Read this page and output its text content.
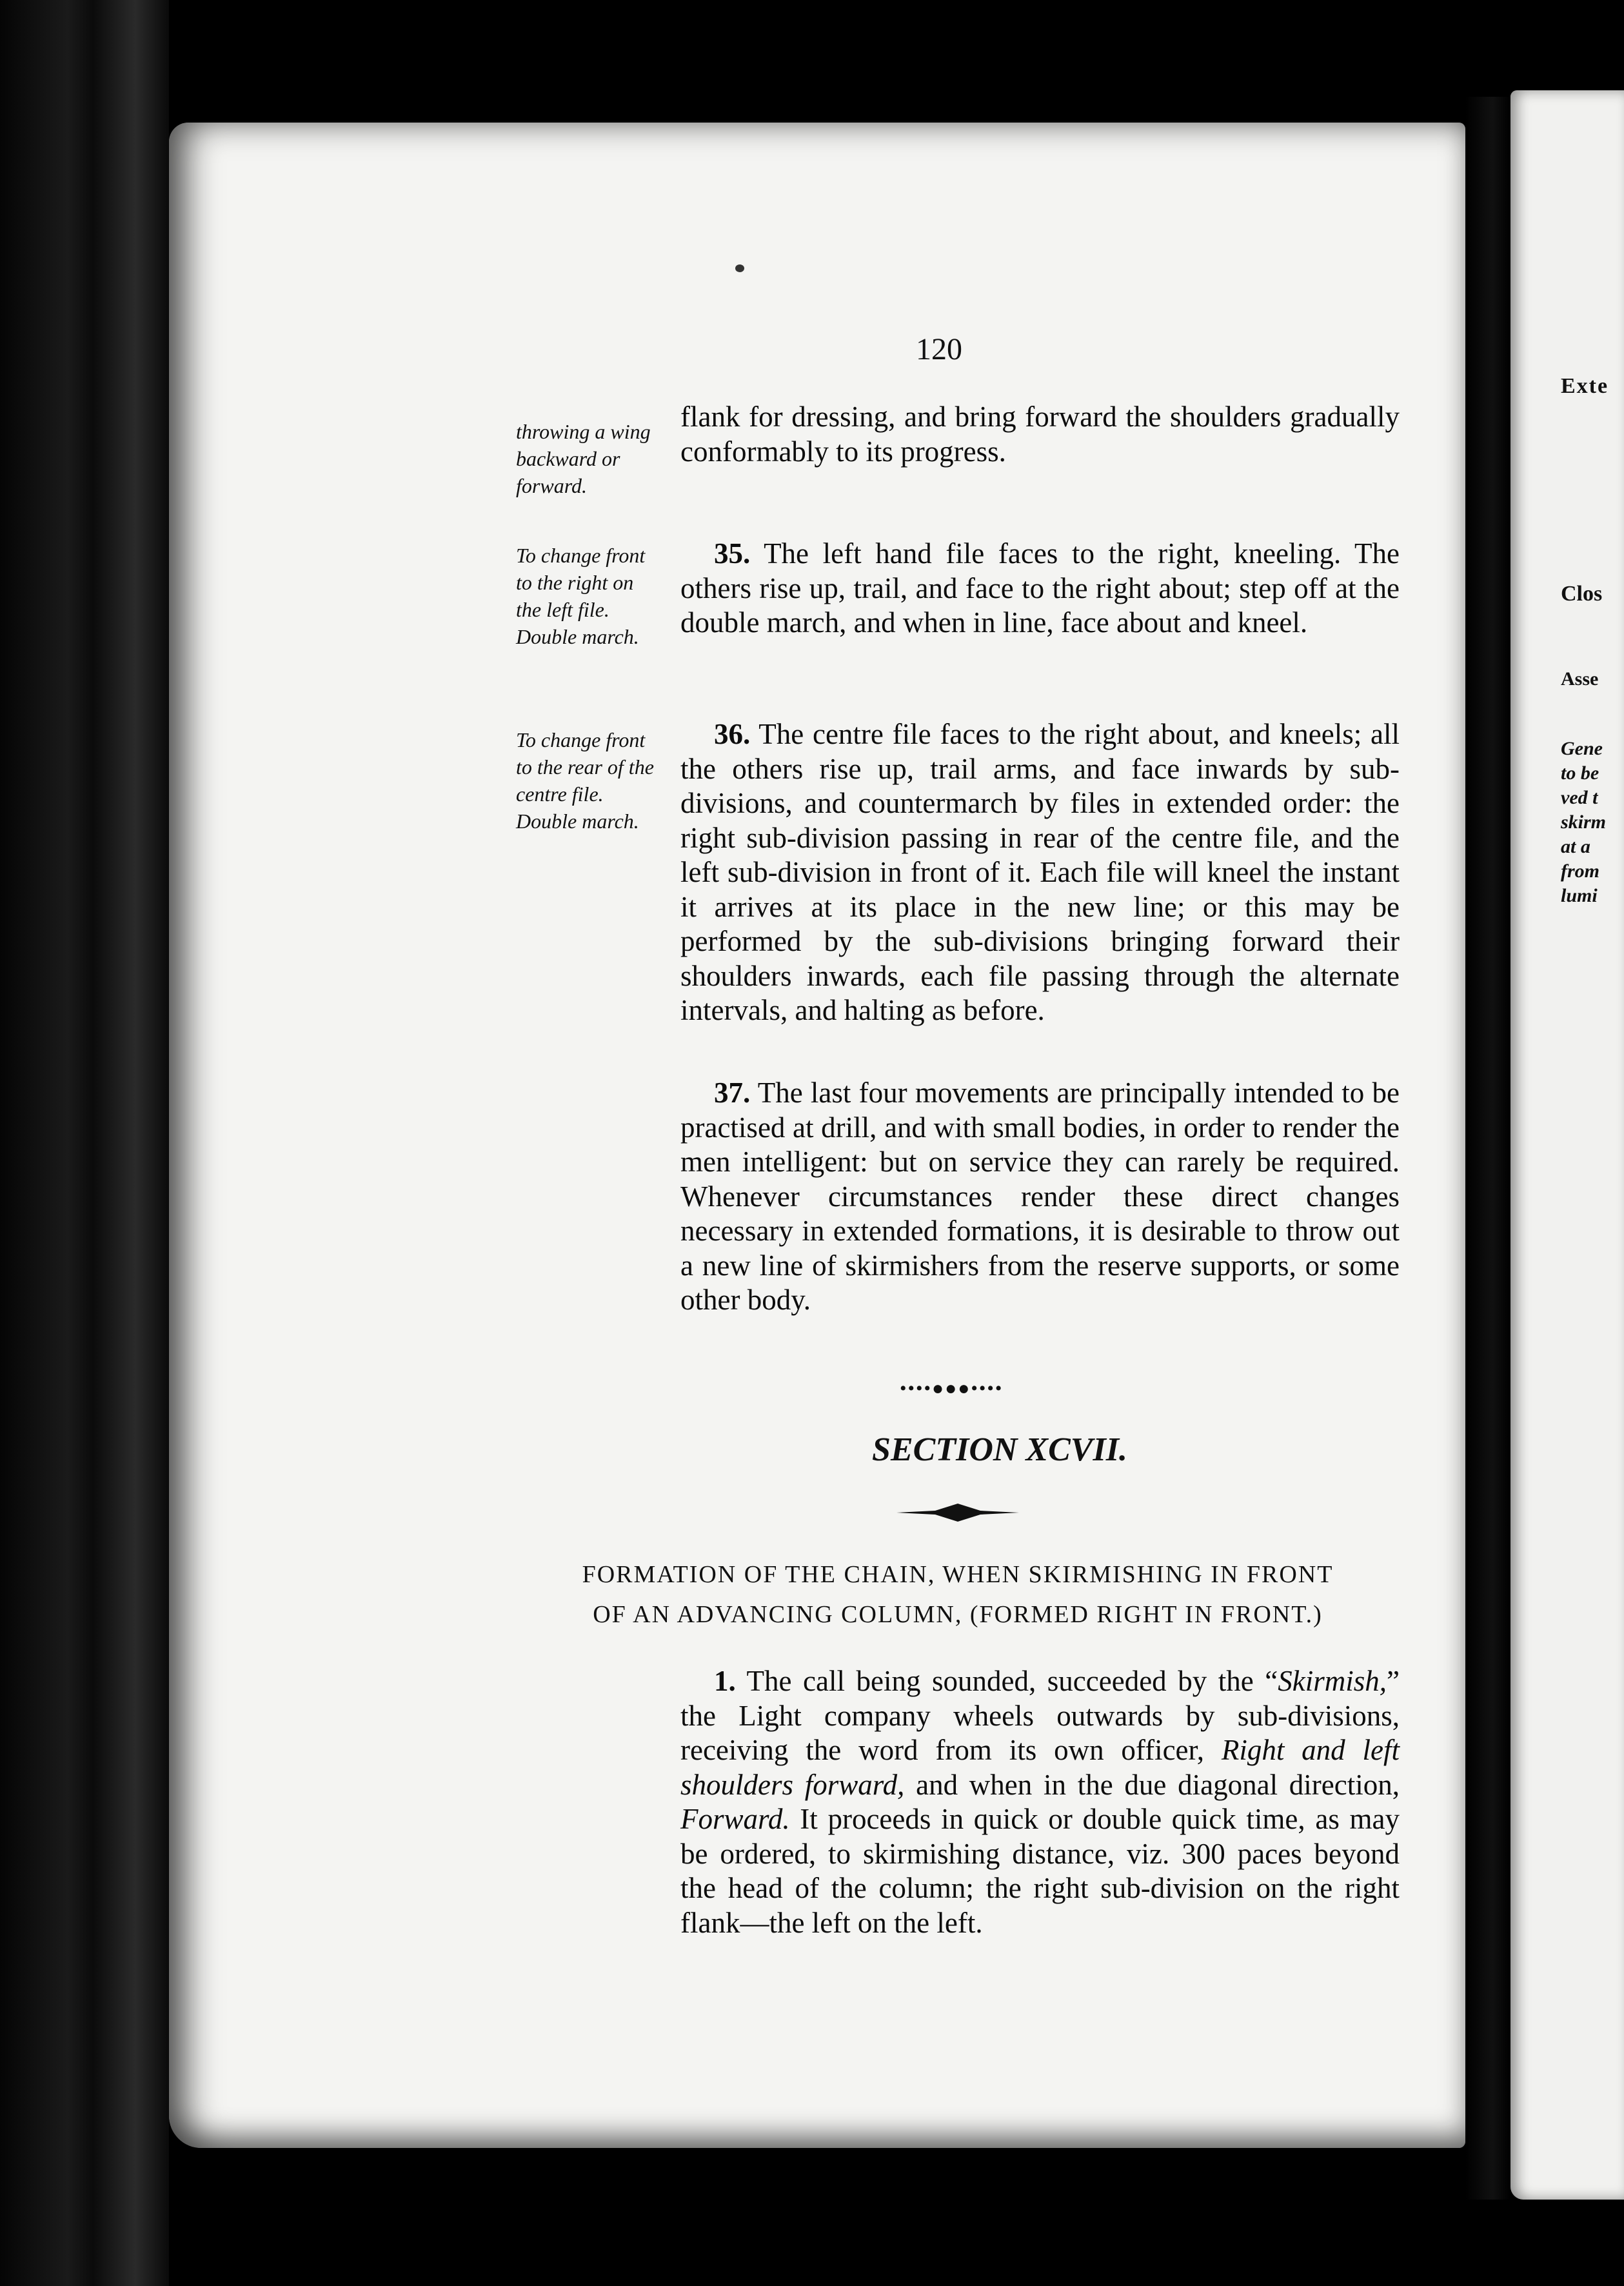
Exte
Clos
Asse
Gene
to be
ved t
skirm
at a
from
lumi
120
throwing a wing backward or forward.
To change front to the right on the left file. Double march.
To change front to the rear of the centre file. Double march.

flank for dressing, and bring forward the shoulders gradually conformably to its progress.

35. The left hand file faces to the right, kneeling. The others rise up, trail, and face to the right about; step off at the double march, and when in line, face about and kneel.

36. The centre file faces to the right about, and kneels; all the others rise up, trail arms, and face inwards by sub-divisions, and countermarch by files in extended order: the right sub-division passing in rear of the centre file, and the left sub-division in front of it. Each file will kneel the instant it arrives at its place in the new line; or this may be performed by the sub-divisions bringing forward their shoulders inwards, each file passing through the alternate intervals, and halting as before.

37. The last four movements are principally intended to be practised at drill, and with small bodies, in order to render the men intelligent: but on service they can rarely be required. Whenever circumstances render these direct changes necessary in extended formations, it is desirable to throw out a new line of skirmishers from the reserve supports, or some other body.

••••●●●••••
SECTION XCVII.
FORMATION OF THE CHAIN, WHEN SKIRMISHING IN FRONT
OF AN ADVANCING COLUMN, (FORMED RIGHT IN FRONT.)

1. The call being sounded, succeeded by the “Skirmish,” the Light company wheels outwards by sub-divisions, receiving the word from its own officer, Right and left shoulders forward, and when in the due diagonal direction, Forward. It proceeds in quick or double quick time, as may be ordered, to skirmishing distance, viz. 300 paces beyond the head of the column; the right sub-division on the right flank—the left on the left.
